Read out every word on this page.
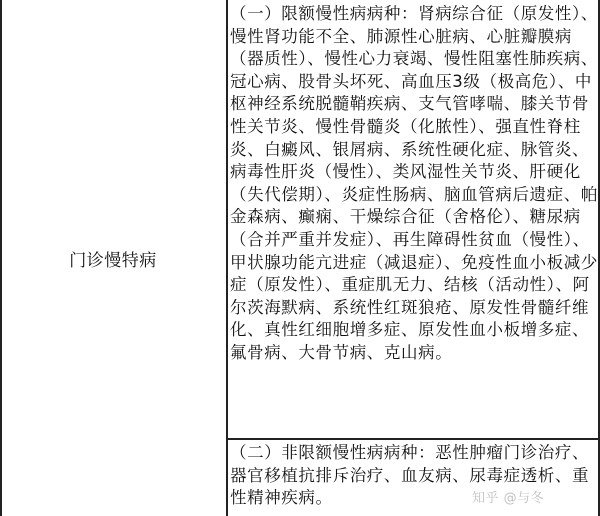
门诊慢特病
（一）限额慢性病病种：肾病综合征（原发性）、慢性肾功能不全、肺源性心脏病、心脏瓣膜病（器质性）、慢性心力衰竭、慢性阻塞性肺疾病、冠心病、股骨头坏死、高血压3级（极高危）、中枢神经系统脱髓鞘疾病、支气管哮喘、膝关节骨性关节炎、慢性骨髓炎（化脓性）、强直性脊柱炎、白癜风、银屑病、系统性硬化症、脉管炎、病毒性肝炎（慢性）、类风湿性关节炎、肝硬化（失代偿期）、炎症性肠病、脑血管病后遗症、帕金森病、癫痫、干燥综合征（舍格伦）、糖尿病（合并严重并发症）、再生障碍性贫血（慢性）、甲状腺功能亢进症（减退症）、免疫性血小板减少症（原发性）、重症肌无力、结核（活动性）、阿尔茨海默病、系统性红斑狼疮、原发性骨髓纤维化、真性红细胞增多症、原发性血小板增多症、氟骨病、大骨节病、克山病。
（二）非限额慢性病病种：恶性肿瘤门诊治疗、器官移植抗排斥治疗、血友病、尿毒症透析、重性精神疾病。	知乎 @与冬
